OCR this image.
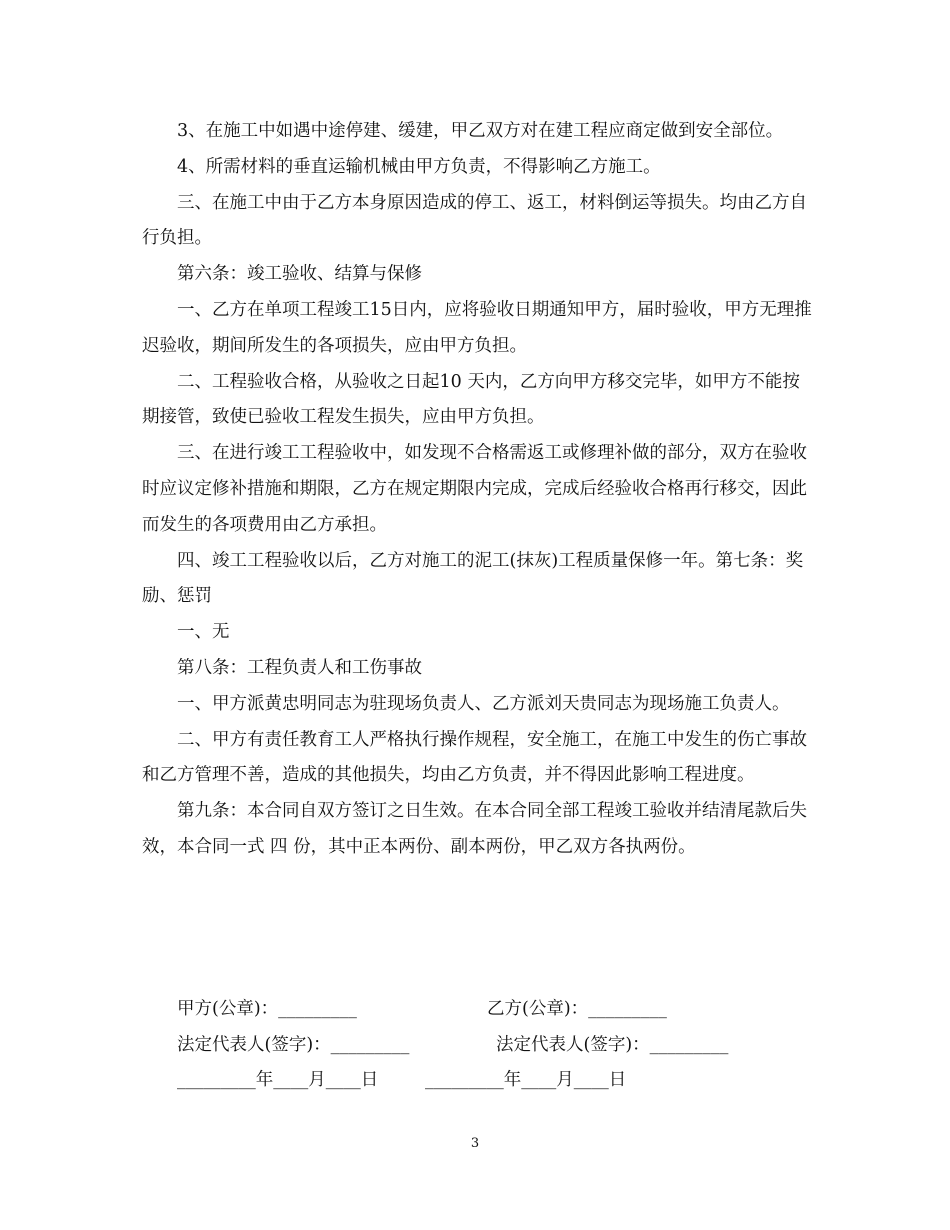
3、在施工中如遇中途停建、缓建，甲乙双方对在建工程应商定做到安全部位。

4、所需材料的垂直运输机械由甲方负责，不得影响乙方施工。

三、在施工中由于乙方本身原因造成的停工、返工，材料倒运等损失。均由乙方自行负担。

第六条：竣工验收、结算与保修

一、乙方在单项工程竣工15日内，应将验收日期通知甲方，届时验收，甲方无理推迟验收，期间所发生的各项损失，应由甲方负担。

二、工程验收合格，从验收之日起10 天内，乙方向甲方移交完毕，如甲方不能按期接管，致使已验收工程发生损失，应由甲方负担。

三、在进行竣工工程验收中，如发现不合格需返工或修理补做的部分，双方在验收时应议定修补措施和期限，乙方在规定期限内完成，完成后经验收合格再行移交，因此而发生的各项费用由乙方承担。

四、竣工工程验收以后，乙方对施工的泥工(抹灰)工程质量保修一年。第七条：奖励、惩罚

一、无

第八条：工程负责人和工伤事故

一、甲方派黄忠明同志为驻现场负责人、乙方派刘天贵同志为现场施工负责人。

二、甲方有责任教育工人严格执行操作规程，安全施工，在施工中发生的伤亡事故和乙方管理不善，造成的其他损失，均由乙方负责，并不得因此影响工程进度。

第九条：本合同自双方签订之日生效。在本合同全部工程竣工验收并结清尾款后失效，本合同一式 四 份，其中正本两份、副本两份，甲乙双方各执两份。

甲方(公章)：_________	乙方(公章)：_________
法定代表人(签字)：_________	法定代表人(签字)：_________
_________年____月____日	_________年____月____日
3
